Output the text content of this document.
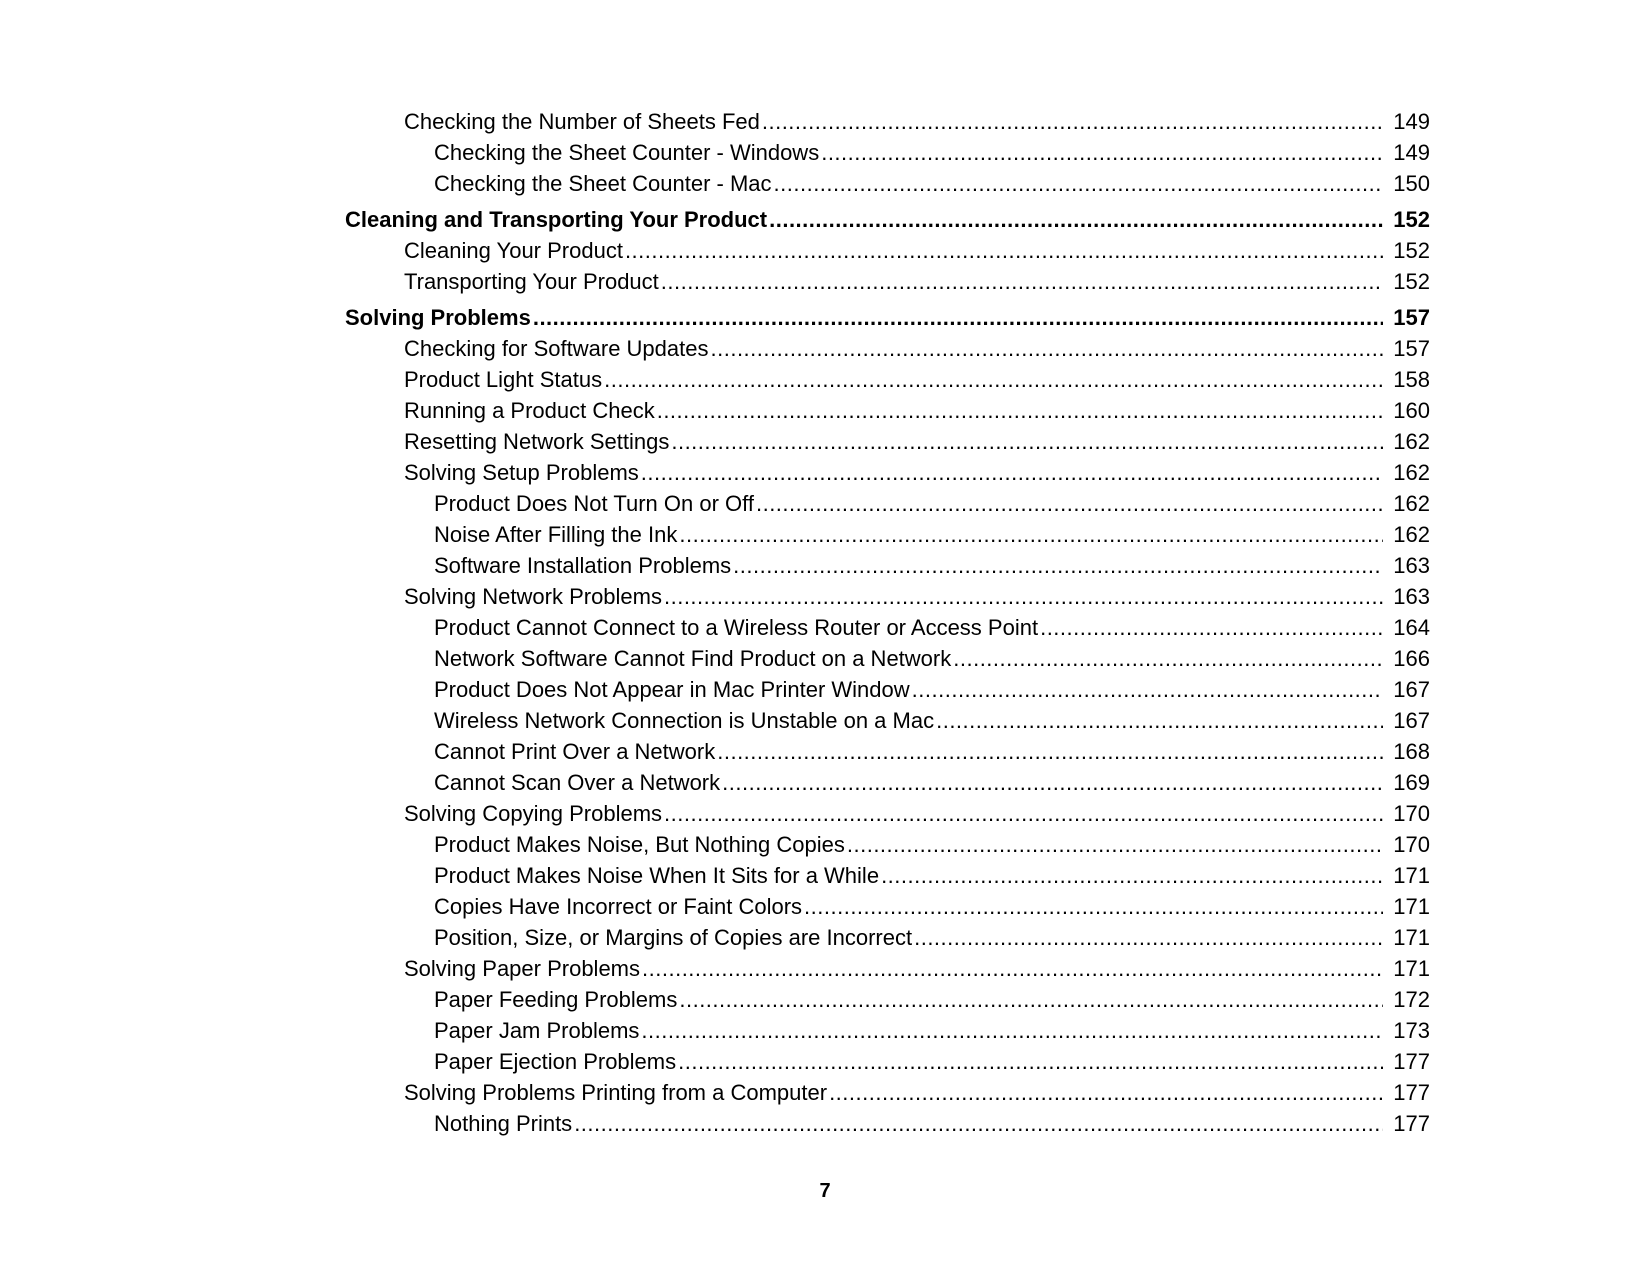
Checking the Number of Sheets Fed .....	149
Checking the Sheet Counter - Windows .....	149
Checking the Sheet Counter - Mac .....	150
Cleaning and Transporting Your Product .....	152
Cleaning Your Product .....	152
Transporting Your Product .....	152
Solving Problems .....	157
Checking for Software Updates .....	157
Product Light Status .....	158
Running a Product Check .....	160
Resetting Network Settings .....	162
Solving Setup Problems .....	162
Product Does Not Turn On or Off .....	162
Noise After Filling the Ink .....	162
Software Installation Problems .....	163
Solving Network Problems .....	163
Product Cannot Connect to a Wireless Router or Access Point .....	164
Network Software Cannot Find Product on a Network .....	166
Product Does Not Appear in Mac Printer Window .....	167
Wireless Network Connection is Unstable on a Mac .....	167
Cannot Print Over a Network .....	168
Cannot Scan Over a Network .....	169
Solving Copying Problems .....	170
Product Makes Noise, But Nothing Copies .....	170
Product Makes Noise When It Sits for a While .....	171
Copies Have Incorrect or Faint Colors .....	171
Position, Size, or Margins of Copies are Incorrect .....	171
Solving Paper Problems .....	171
Paper Feeding Problems .....	172
Paper Jam Problems .....	173
Paper Ejection Problems .....	177
Solving Problems Printing from a Computer .....	177
Nothing Prints .....	177
7
